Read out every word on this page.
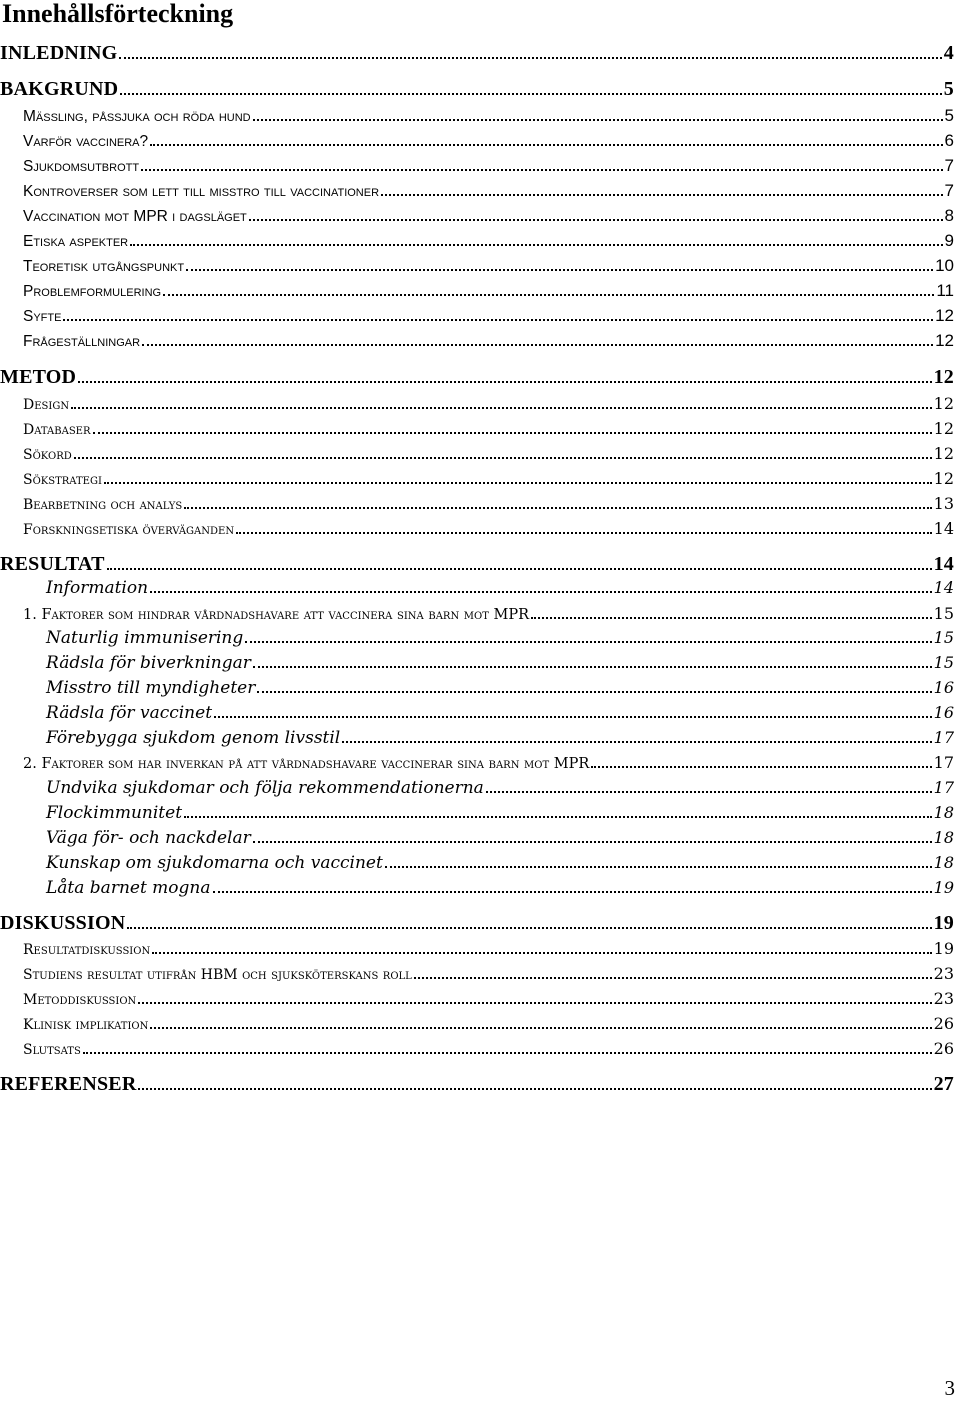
Innehållsförteckning
INLEDNING	4
BAKGRUND	5
Mässling, påssjuka och röda hund	5
Varför vaccinera?	6
Sjukdomsutbrott	7
Kontroverser som lett till misstro till vaccinationer	7
Vaccination mot MPR i dagsläget	8
Etiska aspekter	9
Teoretisk utgångspunkt	10
Problemformulering	11
Syfte	12
Frågeställningar	12
METOD	12
Design	12
Databaser	12
Sökord	12
Sökstrategi	12
Bearbetning och analys	13
Forskningsetiska överväganden	14
RESULTAT	14
Information	14
1. Faktorer som hindrar vårdnadshavare att vaccinera sina barn mot MPR	15
Naturlig immunisering	15
Rädsla för biverkningar	15
Misstro till myndigheter	16
Rädsla för vaccinet	16
Förebygga sjukdom genom livsstil	17
2. Faktorer som har inverkan på att vårdnadshavare vaccinerar sina barn mot MPR	17
Undvika sjukdomar och följa rekommendationerna	17
Flockimmunitet	18
Väga för- och nackdelar	18
Kunskap om sjukdomarna och vaccinet	18
Låta barnet mogna	19
DISKUSSION	19
Resultatdiskussion	19
Studiens resultat utifrån HBM och sjuksköterskans roll	23
Metoddiskussion	23
Klinisk implikation	26
Slutsats	26
REFERENSER	27
3
